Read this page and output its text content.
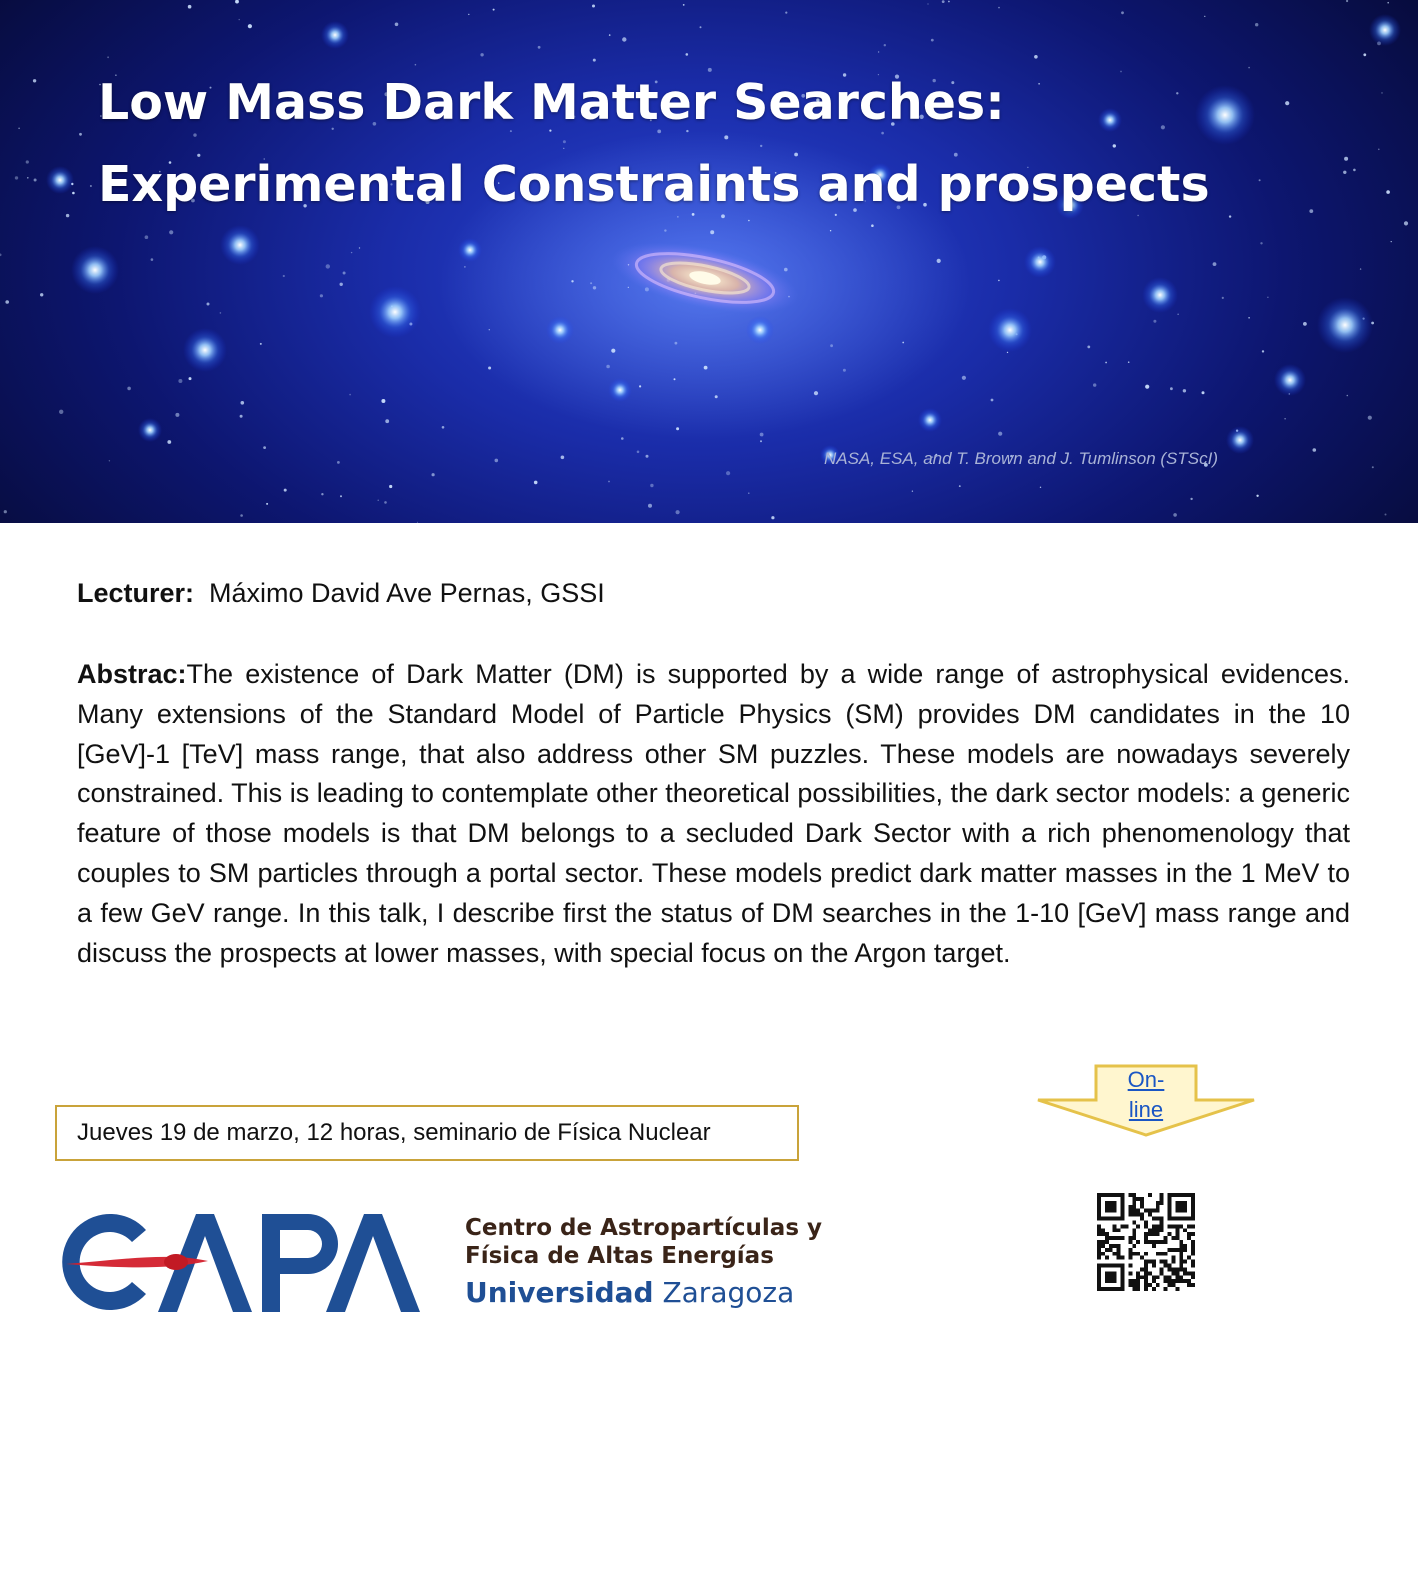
Low Mass Dark Matter Searches:
Experimental Constraints and prospects
NASA, ESA, and T. Brown and J. Tumlinson (STScI)
Lecturer: Máximo David Ave Pernas, GSSI

Abstrac:The existence of Dark Matter (DM) is supported by a wide range of astrophysical evidences. Many extensions of the Standard Model of Particle Physics (SM) provides DM candidates in the 10 [GeV]-1 [TeV] mass range, that also address other SM puzzles. These models are nowadays severely constrained. This is leading to contemplate other theoretical possibilities, the dark sector models: a generic feature of those models is that DM belongs to a secluded Dark Sector with a rich phenomenology that couples to SM particles through a portal sector. These models predict dark matter masses in the 1 MeV to a few GeV range. In this talk, I describe first the status of DM searches in the 1-10 [GeV] mass range and discuss the prospects at lower masses, with special focus on the Argon target.

Jueves 19 de marzo, 12 horas, seminario de Física Nuclear
On-
line
Centro de Astropartículas y
Física de Altas Energías
Universidad Zaragoza
